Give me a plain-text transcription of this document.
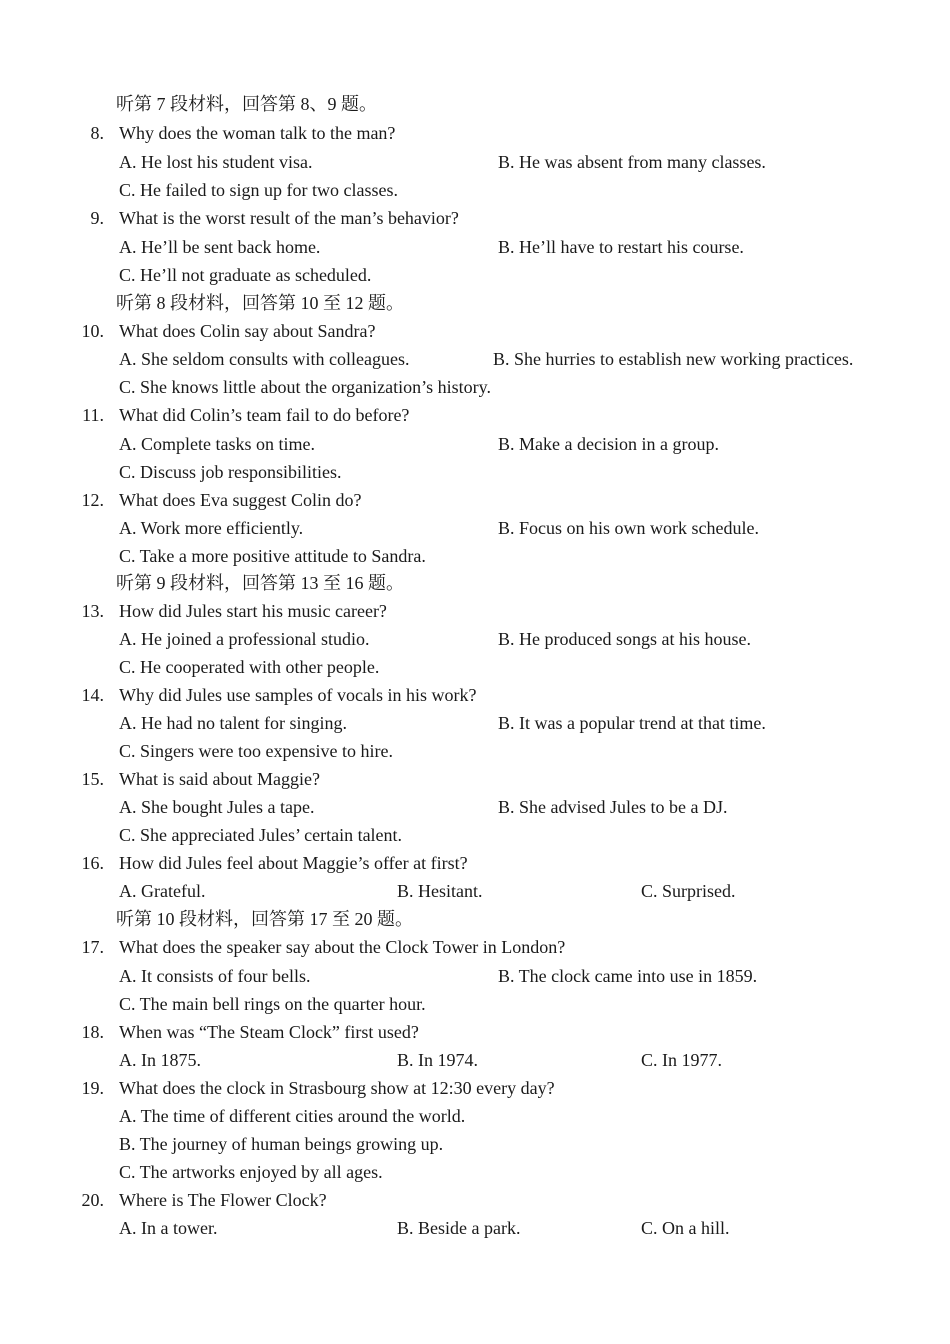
听第 7 段材料，回答第 8、9 题。
8. Why does the woman talk to the man?
A. He lost his student visa.	B. He was absent from many classes.
C. He failed to sign up for two classes.
9. What is the worst result of the man’s behavior?
A. He’ll be sent back home.	B. He’ll have to restart his course.
C. He’ll not graduate as scheduled.
听第 8 段材料，回答第 10 至 12 题。
10. What does Colin say about Sandra?
A. She seldom consults with colleagues.	B. She hurries to establish new working practices.
C. She knows little about the organization’s history.
11. What did Colin’s team fail to do before?
A. Complete tasks on time.	B. Make a decision in a group.
C. Discuss job responsibilities.
12. What does Eva suggest Colin do?
A. Work more efficiently.	B. Focus on his own work schedule.
C. Take a more positive attitude to Sandra.
听第 9 段材料，回答第 13 至 16 题。
13. How did Jules start his music career?
A. He joined a professional studio.	B. He produced songs at his house.
C. He cooperated with other people.
14. Why did Jules use samples of vocals in his work?
A. He had no talent for singing.	B. It was a popular trend at that time.
C. Singers were too expensive to hire.
15. What is said about Maggie?
A. She bought Jules a tape.	B. She advised Jules to be a DJ.
C. She appreciated Jules’ certain talent.
16. How did Jules feel about Maggie’s offer at first?
A. Grateful.	B. Hesitant.	C. Surprised.
听第 10 段材料，回答第 17 至 20 题。
17. What does the speaker say about the Clock Tower in London?
A. It consists of four bells.	B. The clock came into use in 1859.
C. The main bell rings on the quarter hour.
18. When was “The Steam Clock” first used?
A. In 1875.	B. In 1974.	C. In 1977.
19. What does the clock in Strasbourg show at 12:30 every day?
A. The time of different cities around the world.
B. The journey of human beings growing up.
C. The artworks enjoyed by all ages.
20. Where is The Flower Clock?
A. In a tower.	B. Beside a park.	C. On a hill.
